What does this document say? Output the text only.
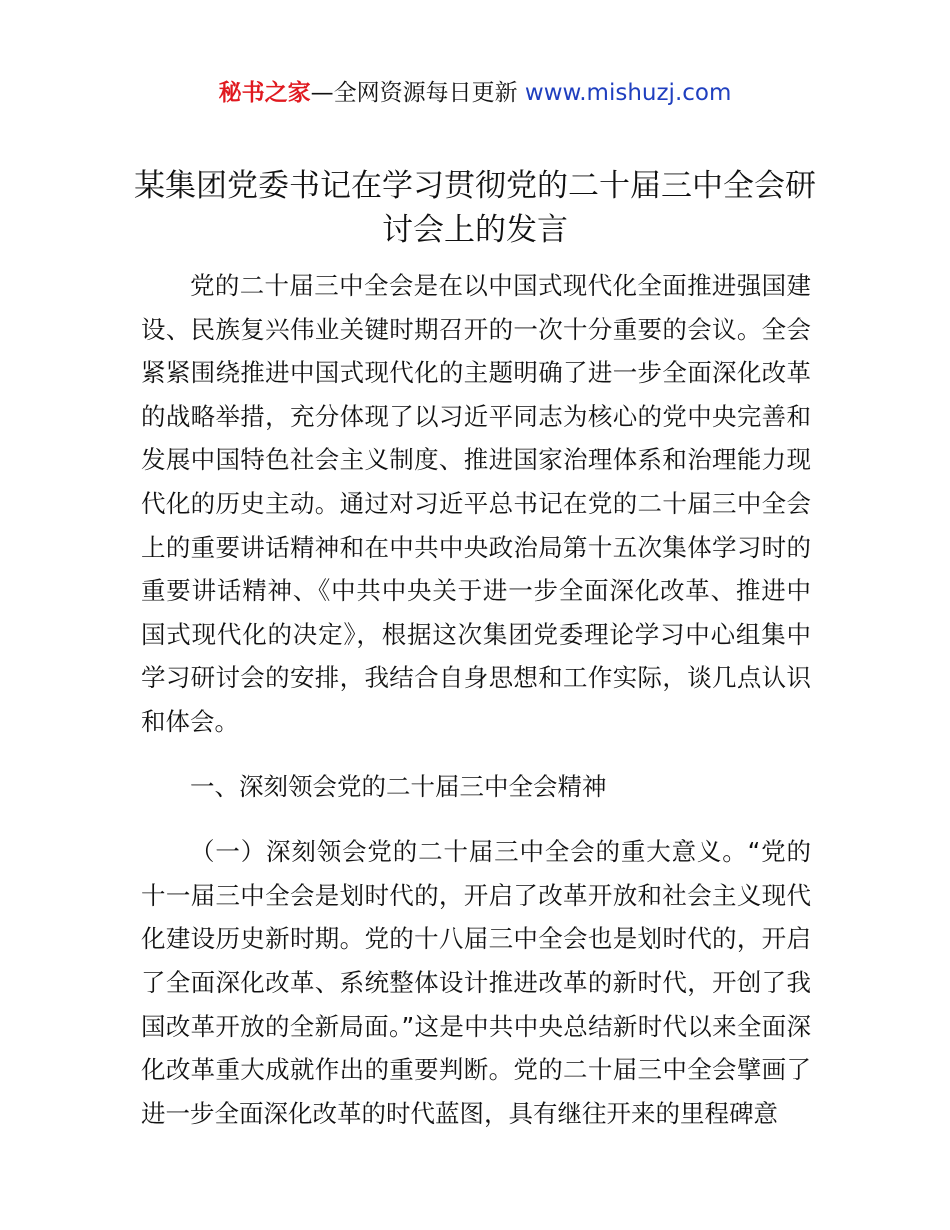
秘书之家—全网资源每日更新 www.mishuzj.com
某集团党委书记在学习贯彻党的二十届三中全会研讨会上的发言

党的二十届三中全会是在以中国式现代化全面推进强国建设、民族复兴伟业关键时期召开的一次十分重要的会议。全会紧紧围绕推进中国式现代化的主题明确了进一步全面深化改革的战略举措，充分体现了以习近平同志为核心的党中央完善和发展中国特色社会主义制度、推进国家治理体系和治理能力现代化的历史主动。通过对习近平总书记在党的二十届三中全会上的重要讲话精神和在中共中央政治局第十五次集体学习时的重要讲话精神、《中共中央关于进一步全面深化改革、推进中国式现代化的决定》，根据这次集团党委理论学习中心组集中学习研讨会的安排，我结合自身思想和工作实际，谈几点认识和体会。

一、深刻领会党的二十届三中全会精神

（一）深刻领会党的二十届三中全会的重大意义。“党的十一届三中全会是划时代的，开启了改革开放和社会主义现代化建设历史新时期。党的十八届三中全会也是划时代的，开启了全面深化改革、系统整体设计推进改革的新时代，开创了我国改革开放的全新局面。”这是中共中央总结新时代以来全面深化改革重大成就作出的重要判断。党的二十届三中全会擘画了进一步全面深化改革的时代蓝图，具有继往开来的里程碑意
